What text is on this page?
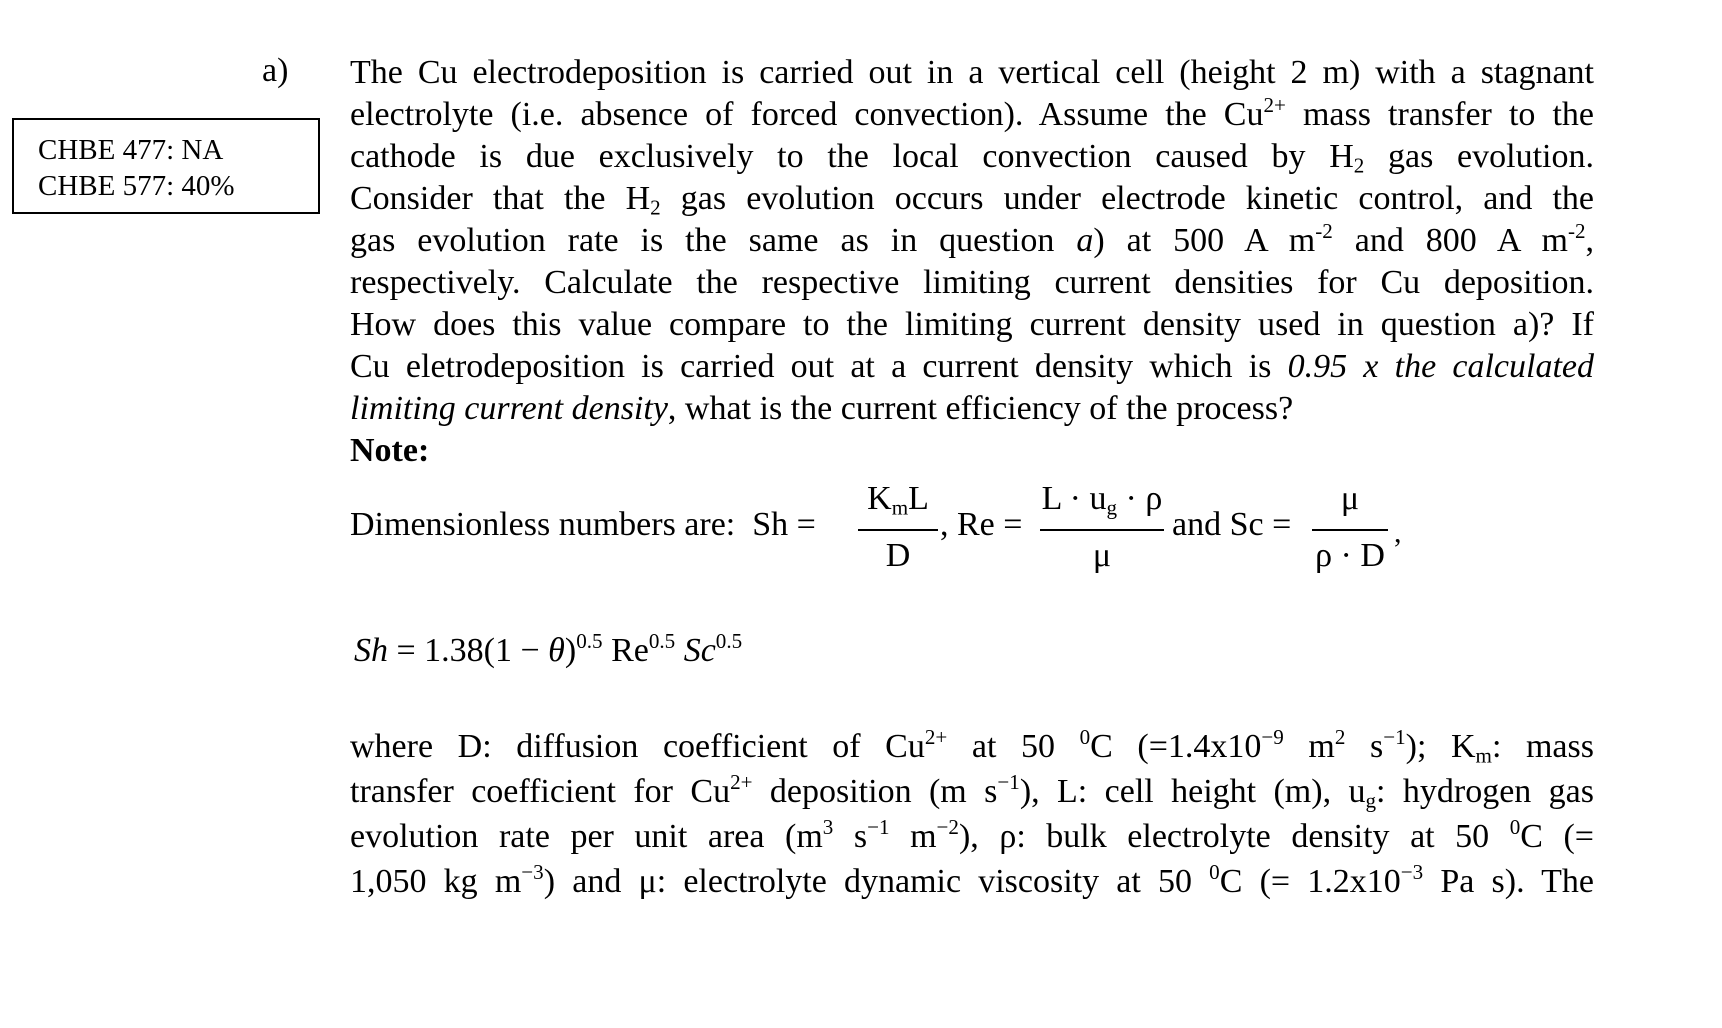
a)
CHBE 477: NA
CHBE 577: 40%
The Cu electrodeposition is carried out in a vertical cell (height 2 m) with a stagnant
electrolyte (i.e. absence of forced convection). Assume the $Cu^{2+}$ mass transfer to the
cathode is due exclusively to the local convection caused by $H_2$ gas evolution.
Consider that the $H_2$ gas evolution occurs under electrode kinetic control, and the
gas evolution rate is the same as in question a) at 500 A $m^{-2}$ and 800 A $m^{-2}$,
respectively. Calculate the respective limiting current densities for Cu deposition.
How does this value compare to the limiting current density used in question a)? If
Cu eletrodeposition is carried out at a current density which is 0.95 x the calculated
limiting current density, what is the current efficiency of the process?
Note:
Dimensionless numbers are: Sh =
$K_mL$
D
, Re =
$L \cdot u_g \cdot \rho$
μ
and Sc =
μ
ρ · D
,
$Sh = 1.38(1 - \theta)^{0.5}$ $Re^{0.5}$ $Sc^{0.5}$
where D: diffusion coefficient of $Cu^{2+}$ at 50 $^0$C ($=1.4x10^{-9}$ $m^2$ $s^{-1}$); $K_m$: mass
transfer coefficient for $Cu^{2+}$ deposition (m $s^{-1}$), L: cell height (m), $u_g$: hydrogen gas
evolution rate per unit area ($m^3$ $s^{-1}$ $m^{-2}$), ρ: bulk electrolyte density at 50 $^0$C (=
1,050 kg $m^{-3}$) and μ: electrolyte dynamic viscosity at 50 $^0$C (= $1.2x10^{-3}$ Pa s). The
